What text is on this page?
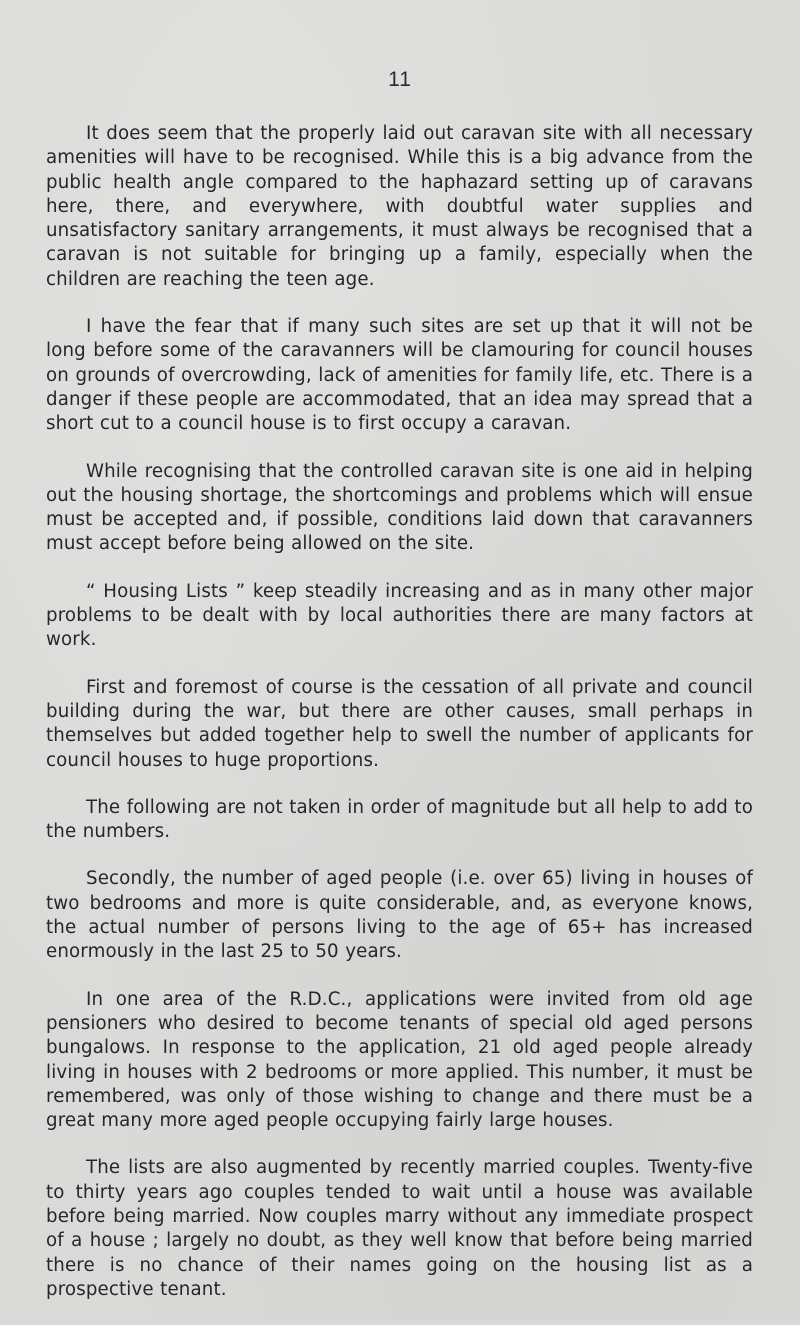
11

It does seem that the properly laid out caravan site with all necessary amenities will have to be recognised. While this is a big advance from the public health angle compared to the haphazard setting up of caravans here, there, and everywhere, with doubtful water supplies and unsatisfactory sanitary arrangements, it must always be recognised that a caravan is not suitable for bringing up a family, especially when the children are reaching the teen age.

I have the fear that if many such sites are set up that it will not be long before some of the caravanners will be clamouring for council houses on grounds of overcrowding, lack of amenities for family life, etc. There is a danger if these people are accommodated, that an idea may spread that a short cut to a council house is to first occupy a caravan.

While recognising that the controlled caravan site is one aid in helping out the housing shortage, the shortcomings and problems which will ensue must be accepted and, if possible, conditions laid down that caravanners must accept before being allowed on the site.

“ Housing Lists ” keep steadily increasing and as in many other major problems to be dealt with by local authorities there are many factors at work.

First and foremost of course is the cessation of all private and council building during the war, but there are other causes, small perhaps in themselves but added together help to swell the number of applicants for council houses to huge proportions.

The following are not taken in order of magnitude but all help to add to the numbers.

Secondly, the number of aged people (i.e. over 65) living in houses of two bedrooms and more is quite considerable, and, as everyone knows, the actual number of persons living to the age of 65+ has increased enormously in the last 25 to 50 years.

In one area of the R.D.C., applications were invited from old age pensioners who desired to become tenants of special old aged persons bungalows. In response to the application, 21 old aged people already living in houses with 2 bedrooms or more applied. This number, it must be remembered, was only of those wishing to change and there must be a great many more aged people occupying fairly large houses.

The lists are also augmented by recently married couples. Twenty-five to thirty years ago couples tended to wait until a house was available before being married. Now couples marry without any immediate prospect of a house ; largely no doubt, as they well know that before being married there is no chance of their names going on the housing list as a prospective tenant.
